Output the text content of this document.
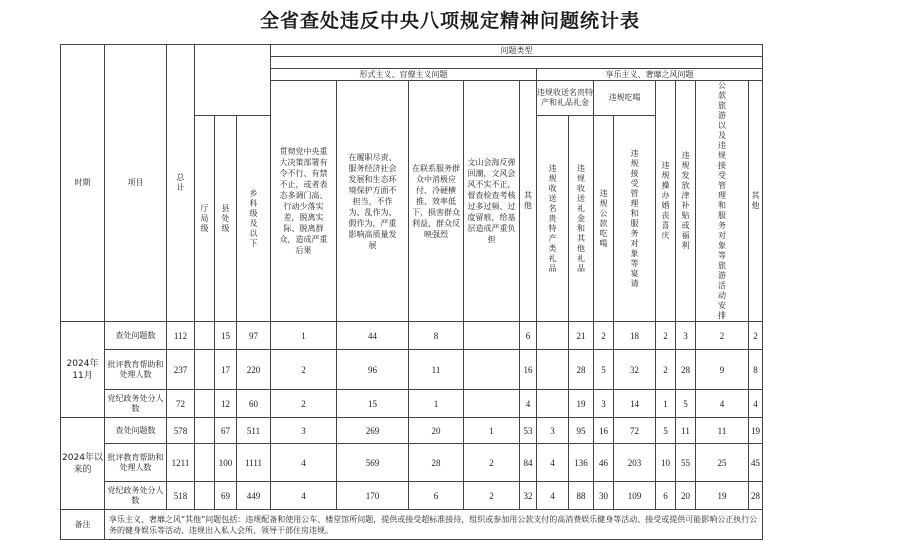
全省查处违反中央八项规定精神问题统计表
时期	项目	总计				问题类型												

						形式主义、官僚主义问题					享乐主义、奢靡之风问题							
						贯彻党中央重大决策部署有令不行、有禁不止，或者表态多调门高、行动少落实差，脱离实际、脱离群众，造成严重后果	在履职尽责、服务经济社会发展和生态环境保护方面不担当、不作为、乱作为、假作为，严重影响高质量发展	在联系服务群众中消极应付、冷硬横推、效率低下，损害群众利益，群众反映强烈	文山会海反弹回潮，文风会风不实不正，督查检查考核过多过频、过度留痕，给基层造成严重负担	其他	违规收送名贵特产和礼品礼金		违规吃喝		违规操办婚丧喜庆	违规发放津补贴或福利	公款旅游以及违规接受管理和服务对象等旅游活动安排	其他
			厅局级	县处级	乡科级及以下						违规收送名贵特产类礼品	违规收送礼金和其他礼品	违规公款吃喝	违规接受管理和服务对象等宴请				
2024年11月	查处问题数	112		15	97	1	44	8		6		21	2	18	2	3	2	2
	批评教育帮助和处理人数	237		17	220	2	96	11		16		28	5	32	2	28	9	8
	党纪政务处分人数	72		12	60	2	15	1		4		19	3	14	1	5	4	4
2024年以来的	查处问题数	578		67	511	3	269	20	1	53	3	95	16	72	5	11	11	19
	批评教育帮助和处理人数	1211		100	1111	4	569	28	2	84	4	136	46	203	10	55	25	45
	党纪政务处分人数	518		69	449	4	170	6	2	32	4	88	30	109	6	20	19	28
备注	享乐主义、奢靡之风“其他”问题包括：违规配备和使用公车、楼堂馆所问题，提供或接受超标准接待，组织或参加用公款支付的高消费娱乐健身等活动、接受或提供可能影响公正执行公务的健身娱乐等活动、违规出入私人会所、领导干部住房违规。																	
